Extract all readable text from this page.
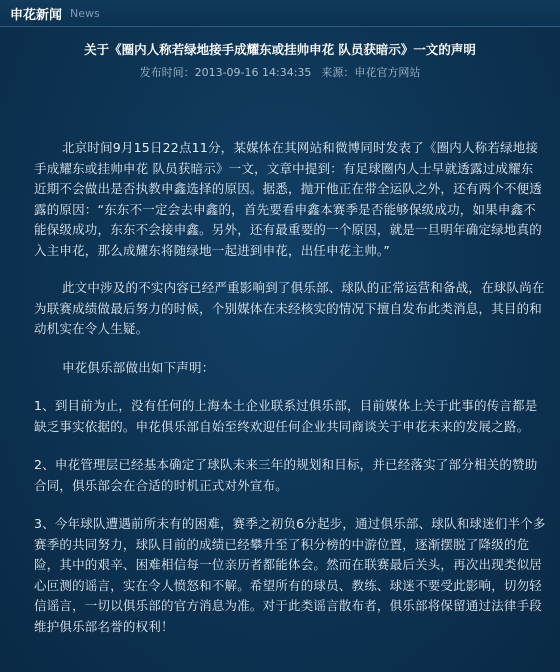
申花新闻 News
关于《圈内人称若绿地接手成耀东或挂帅申花 队员获暗示》一文的声明
发布时间：2013-09-16 14:34:35 来源：申花官方网站

北京时间9月15日22点11分，某媒体在其网站和微博同时发表了《圈内人称若绿地接手成耀东或挂帅申花 队员获暗示》一文，文章中提到：有足球圈内人士早就透露过成耀东近期不会做出是否执教申鑫选择的原因。据悉，抛开他正在带全运队之外，还有两个不便透露的原因：“东东不一定会去申鑫的，首先要看申鑫本赛季是否能够保级成功，如果申鑫不能保级成功，东东不会接申鑫。另外，还有最重要的一个原因，就是一旦明年确定绿地真的入主申花，那么成耀东将随绿地一起进到申花，出任申花主帅。”

此文中涉及的不实内容已经严重影响到了俱乐部、球队的正常运营和备战，在球队尚在为联赛成绩做最后努力的时候，个别媒体在未经核实的情况下擅自发布此类消息，其目的和动机实在令人生疑。

申花俱乐部做出如下声明：

1、到目前为止，没有任何的上海本土企业联系过俱乐部，目前媒体上关于此事的传言都是缺乏事实依据的。申花俱乐部自始至终欢迎任何企业共同商谈关于申花未来的发展之路。

2、申花管理层已经基本确定了球队未来三年的规划和目标，并已经落实了部分相关的赞助合同，俱乐部会在合适的时机正式对外宣布。

3、今年球队遭遇前所未有的困难，赛季之初负6分起步，通过俱乐部、球队和球迷们半个多赛季的共同努力，球队目前的成绩已经攀升至了积分榜的中游位置，逐渐摆脱了降级的危险，其中的艰辛、困难相信每一位亲历者都能体会。然而在联赛最后关头，再次出现类似居心叵测的谣言，实在令人愤怒和不解。希望所有的球员、教练、球迷不要受此影响，切勿轻信谣言，一切以俱乐部的官方消息为准。对于此类谣言散布者，俱乐部将保留通过法律手段维护俱乐部名誉的权利！
